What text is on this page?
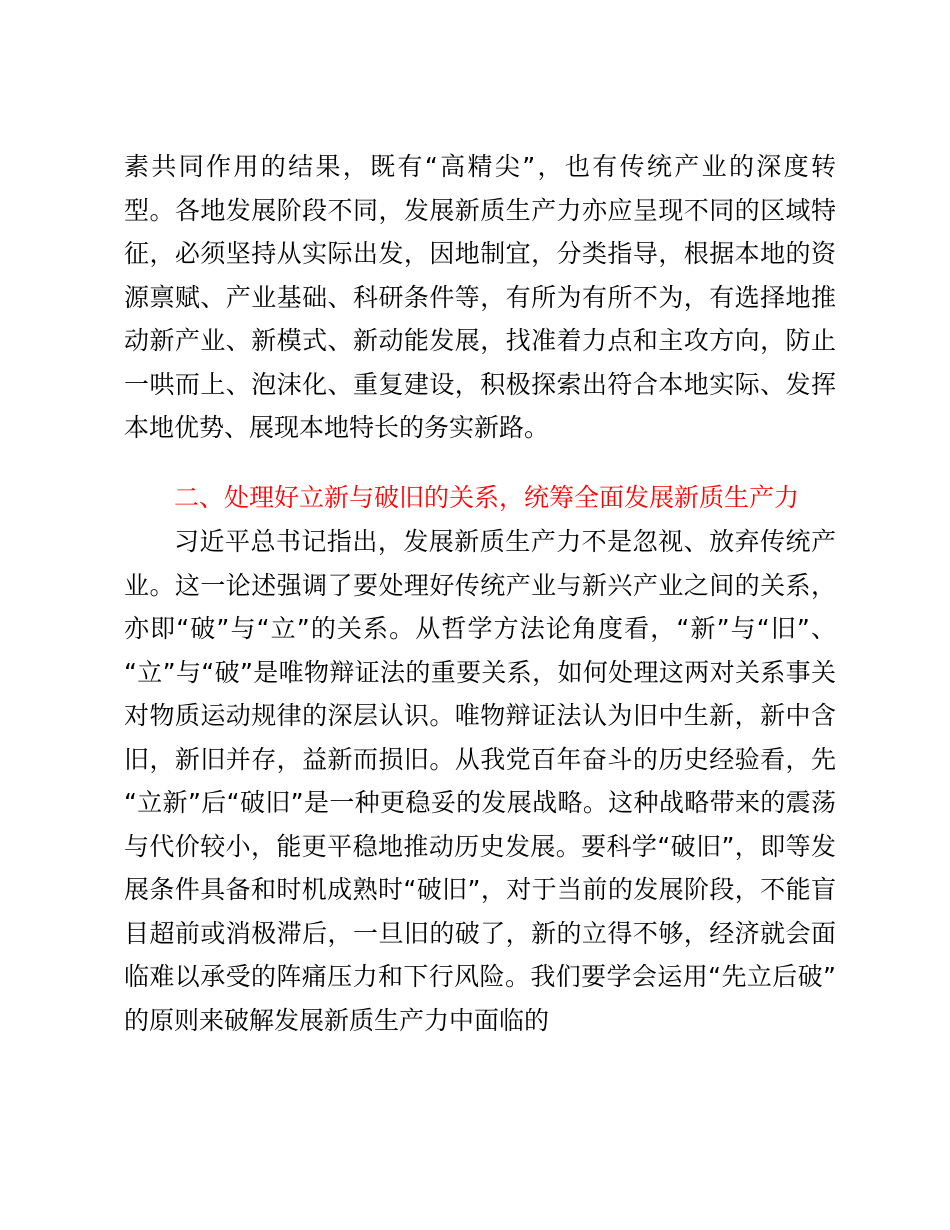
素共同作用的结果，既有“高精尖”，也有传统产业的深度转
型。各地发展阶段不同，发展新质生产力亦应呈现不同的区域特
征，必须坚持从实际出发，因地制宜，分类指导，根据本地的资
源禀赋、产业基础、科研条件等，有所为有所不为，有选择地推
动新产业、新模式、新动能发展，找准着力点和主攻方向，防止
一哄而上、泡沫化、重复建设，积极探索出符合本地实际、发挥
本地优势、展现本地特长的务实新路。
二、处理好立新与破旧的关系，统筹全面发展新质生产力
习近平总书记指出，发展新质生产力不是忽视、放弃传统产
业。这一论述强调了要处理好传统产业与新兴产业之间的关系，
亦即“破”与“立”的关系。从哲学方法论角度看，“新”与“旧”、
“立”与“破”是唯物辩证法的重要关系，如何处理这两对关系事关
对物质运动规律的深层认识。唯物辩证法认为旧中生新，新中含
旧，新旧并存，益新而损旧。从我党百年奋斗的历史经验看，先
“立新”后“破旧”是一种更稳妥的发展战略。这种战略带来的震荡
与代价较小，能更平稳地推动历史发展。要科学“破旧”，即等发
展条件具备和时机成熟时“破旧”，对于当前的发展阶段，不能盲
目超前或消极滞后，一旦旧的破了，新的立得不够，经济就会面
临难以承受的阵痛压力和下行风险。我们要学会运用“先立后破”
的原则来破解发展新质生产力中面临的
